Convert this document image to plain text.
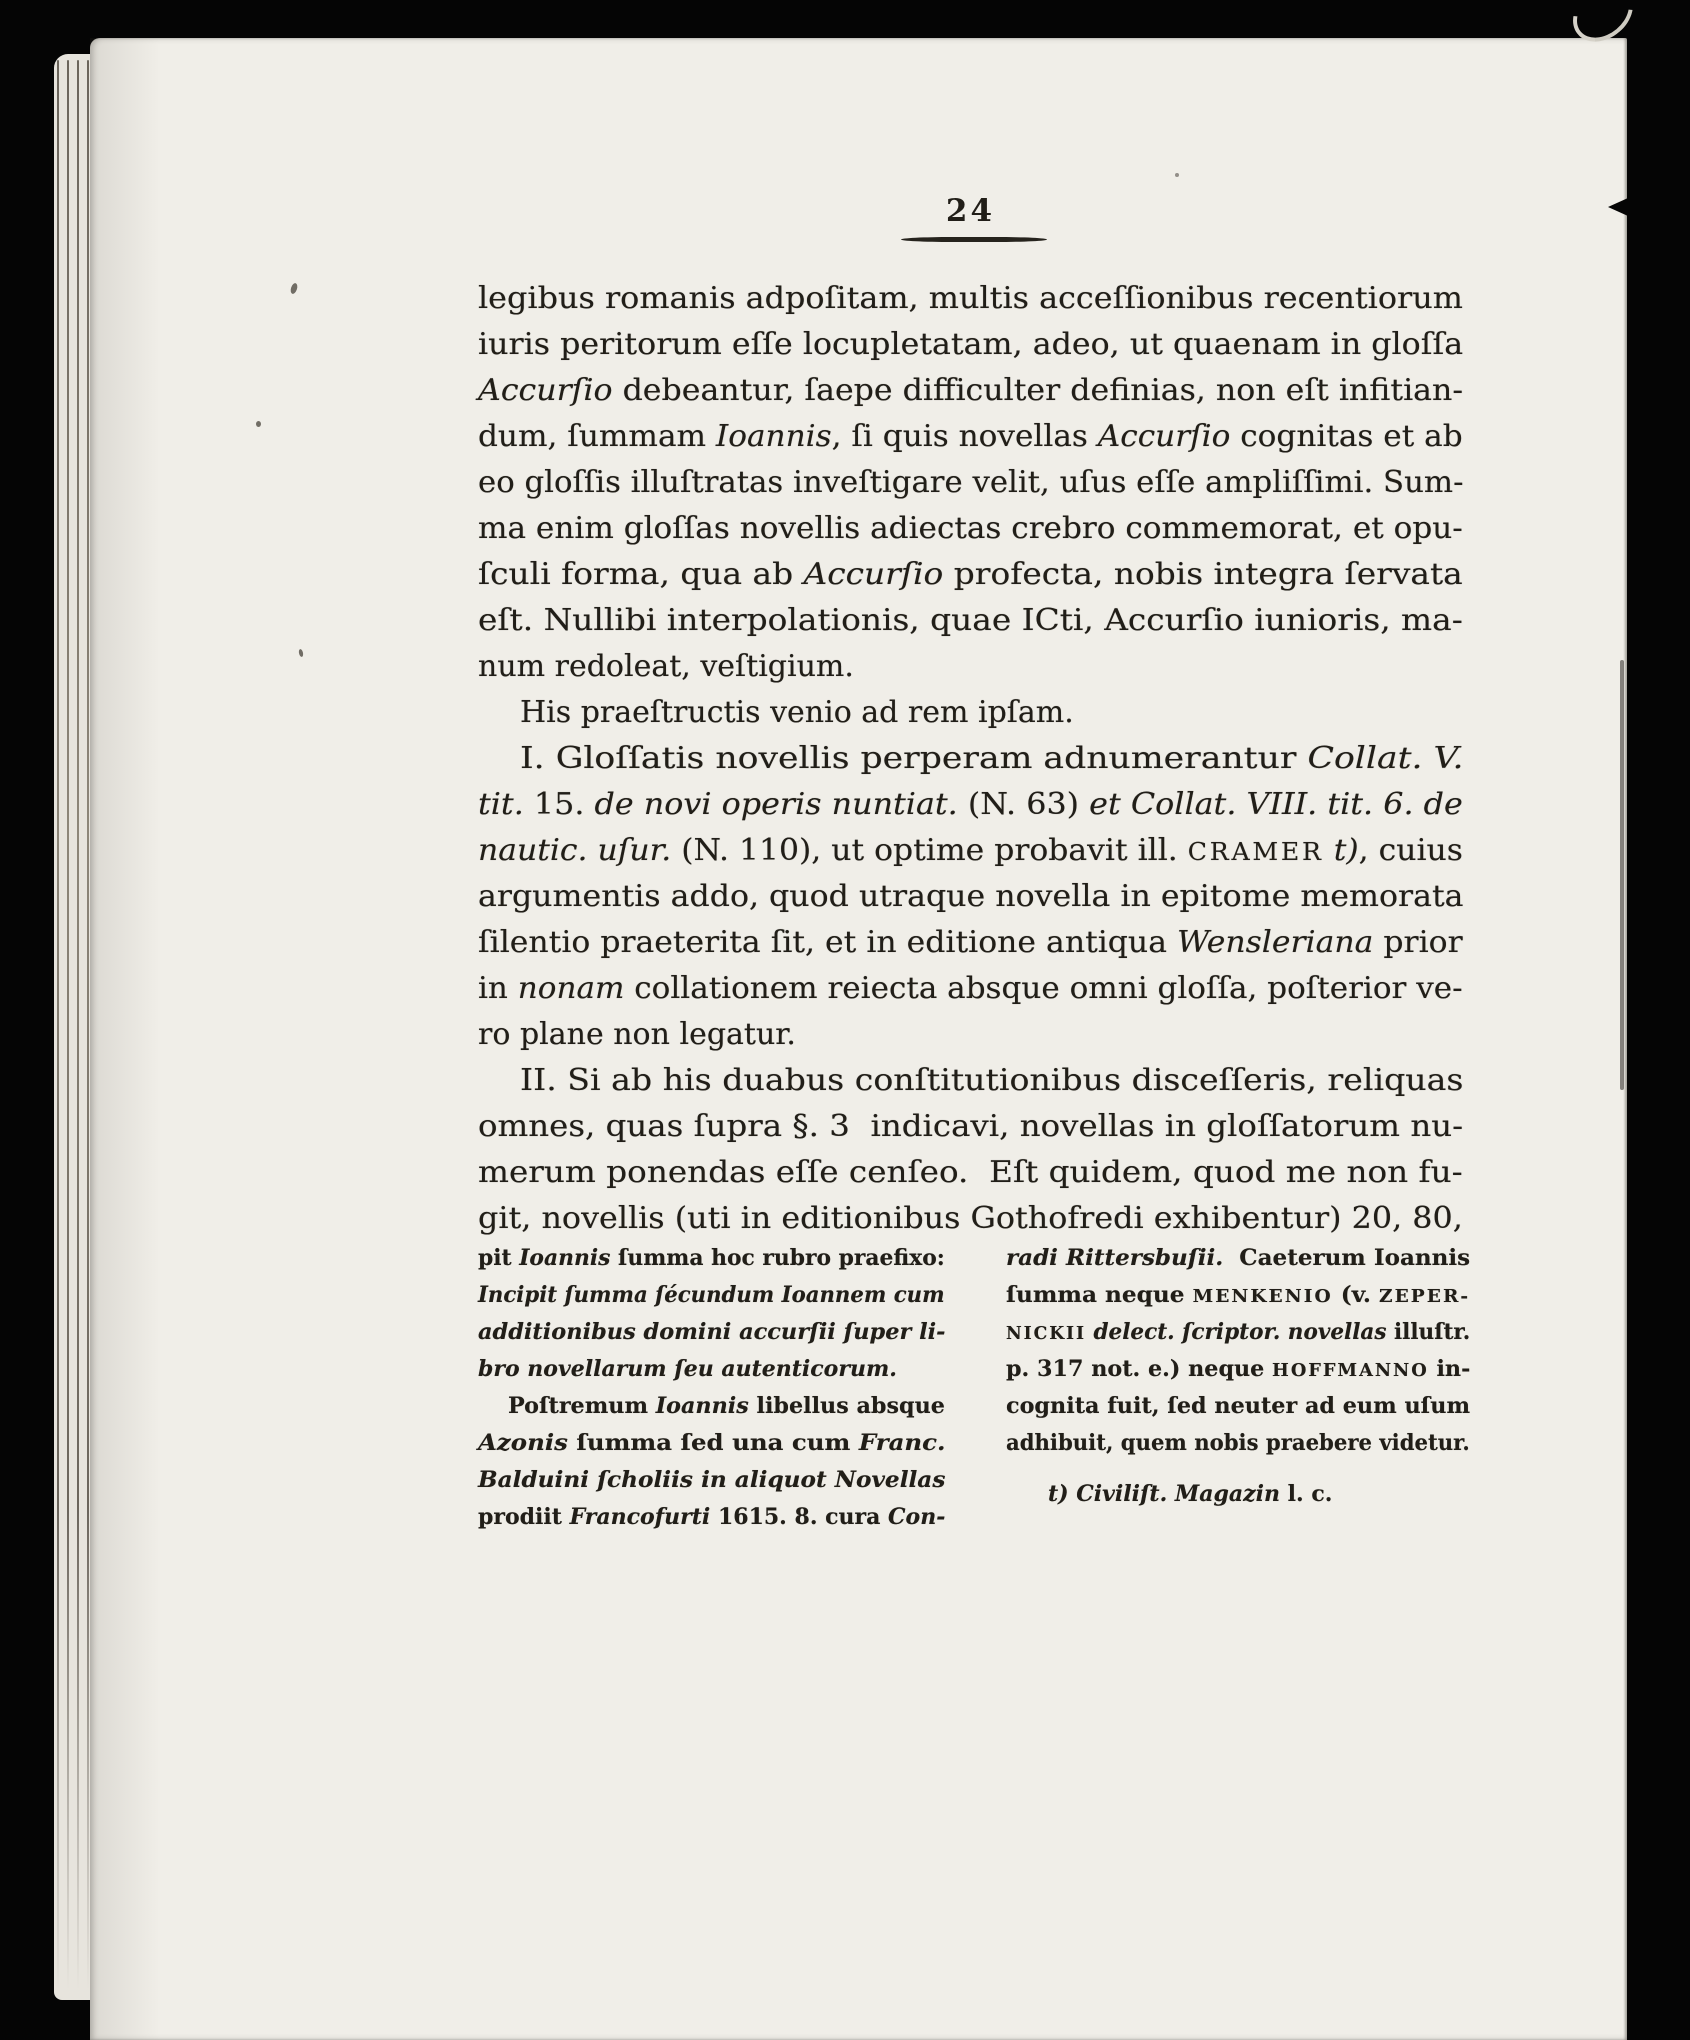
24
legibus romanis adpoſitam, multis acceſſionibus recentiorum
iuris peritorum eſſe locupletatam, adeo, ut quaenam in gloſſa
Accurſio debeantur, ſaepe difficulter definias, non eſt infitian-
dum, ſummam Ioannis, ſi quis novellas Accurſio cognitas et ab
eo gloſſis illuſtratas inveſtigare velit, uſus eſſe ampliſſimi. Sum-
ma enim gloſſas novellis adiectas crebro commemorat, et opu-
ſculi forma, qua ab Accurſio profecta, nobis integra ſervata
eſt. Nullibi interpolationis, quae ICti, Accurſio iunioris, ma-
num redoleat, veſtigium.
His praeſtructis venio ad rem ipſam.
I. Gloſſatis novellis perperam adnumerantur Collat. V.
tit. 15. de novi operis nuntiat. (N. 63) et Collat. VIII. tit. 6. de
nautic. uſur. (N. 110), ut optime probavit ill. CRAMER t), cuius
argumentis addo, quod utraque novella in epitome memorata
ſilentio praeterita ſit, et in editione antiqua Wensleriana prior
in nonam collationem reiecta absque omni gloſſa, poſterior ve-
ro plane non legatur.
II. Si ab his duabus conſtitutionibus disceſſeris, reliquas
omnes, quas ſupra §. 3  indicavi, novellas in gloſſatorum nu-
merum ponendas eſſe cenſeo.  Eſt quidem, quod me non fu-
git, novellis (uti in editionibus Gothofredi exhibentur) 20, 80,
pit Ioannis ſumma hoc rubro praefixo:
Incipit ſumma ſécundum Ioannem cum
additionibus domini accurſii ſuper li-
bro novellarum ſeu autenticorum.
Poſtremum Ioannis libellus absque
Azonis ſumma ſed una cum Franc.
Balduini ſcholiis in aliquot Novellas
prodiit Francofurti 1615. 8. cura Con-
radi Rittersbuſii.  Caeterum Ioannis
ſumma neque MENKENIO (v. ZEPER-
NICKII delect. ſcriptor. novellas illuſtr.
p. 317 not. e.) neque HOFFMANNO in-
cognita fuit, ſed neuter ad eum uſum
adhibuit, quem nobis praebere videtur.
t) Civiliſt. Magazin l. c.
